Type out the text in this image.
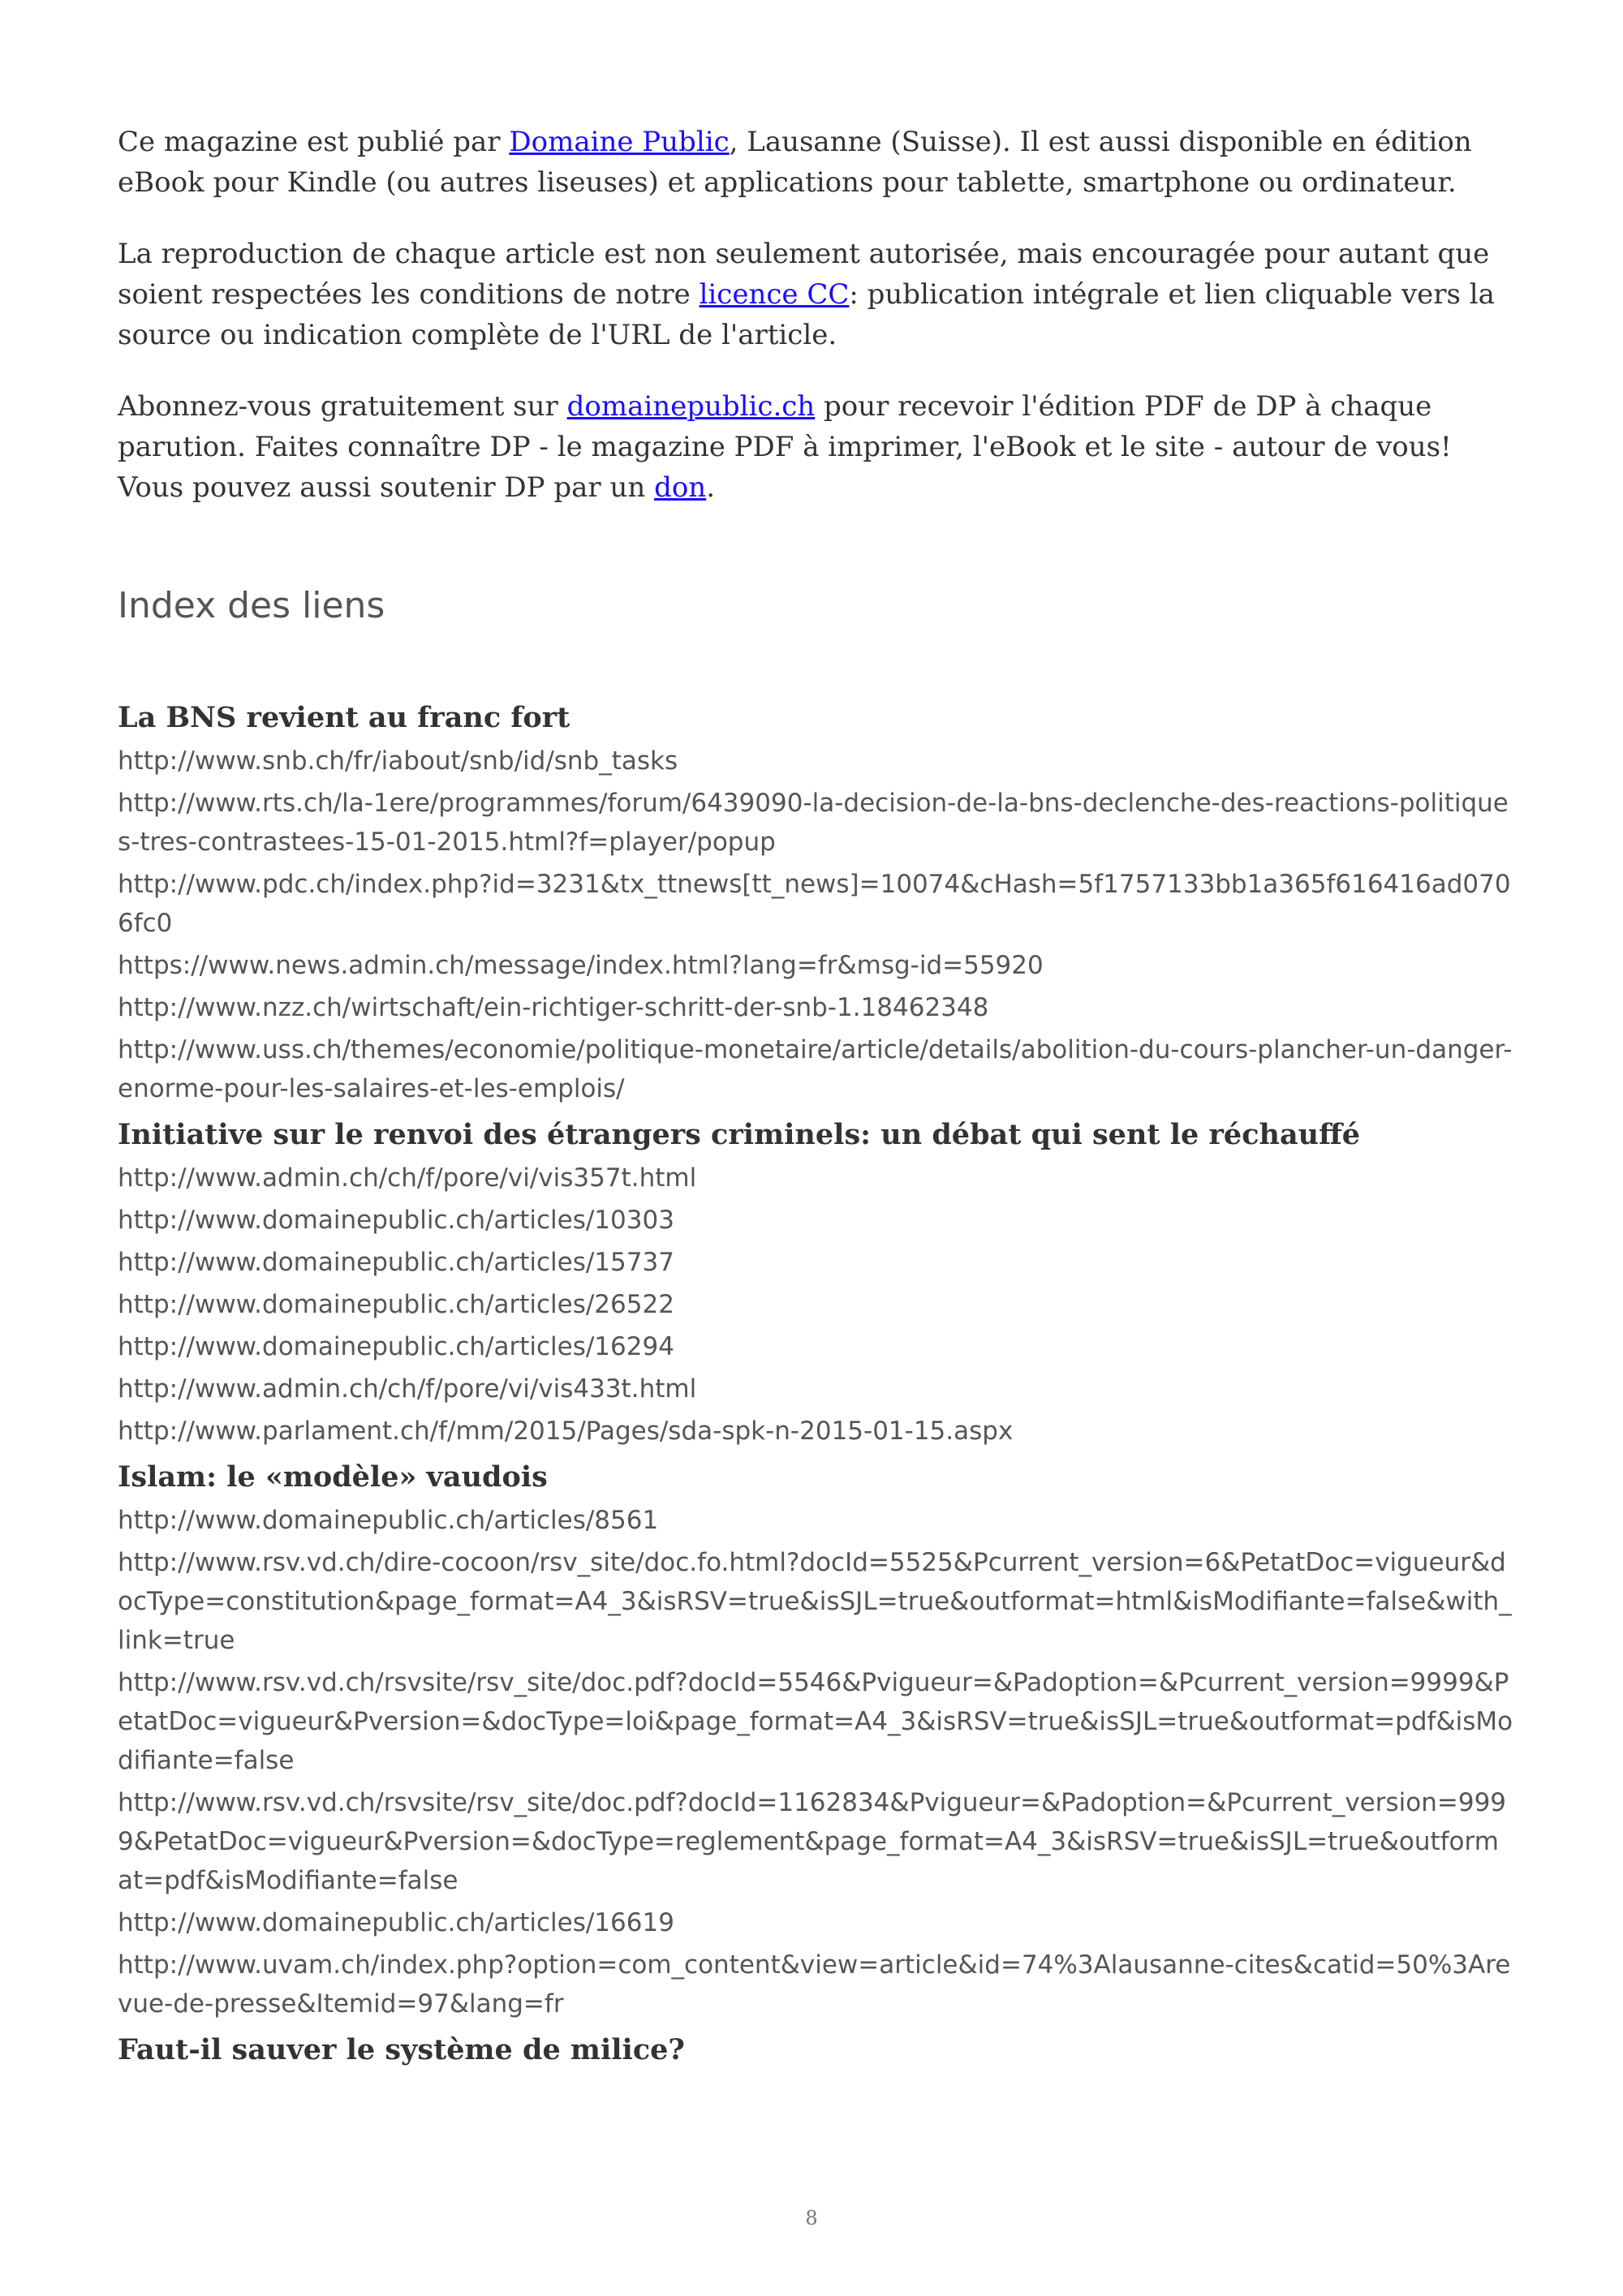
Ce magazine est publié par Domaine Public, Lausanne (Suisse). Il est aussi disponible en édition eBook pour Kindle (ou autres liseuses) et applications pour tablette, smartphone ou ordinateur.

La reproduction de chaque article est non seulement autorisée, mais encouragée pour autant que soient respectées les conditions de notre licence CC: publication intégrale et lien cliquable vers la source ou indication complète de l'URL de l'article.

Abonnez-vous gratuitement sur domainepublic.ch pour recevoir l'édition PDF de DP à chaque parution. Faites connaître DP - le magazine PDF à imprimer, l'eBook et le site - autour de vous! Vous pouvez aussi soutenir DP par un don.

Index des liens
La BNS revient au franc fort
http://www.snb.ch/fr/iabout/snb/id/snb_tasks
http://www.rts.ch/la-1ere/programmes/forum/6439090-la-decision-de-la-bns-declenche-des-reactions-politiques-tres-contrastees-15-01-2015.html?f=player/popup
http://www.pdc.ch/index.php?id=3231&tx_ttnews[tt_news]=10074&cHash=5f1757133bb1a365f616416ad0706fc0
https://www.news.admin.ch/message/index.html?lang=fr&msg-id=55920
http://www.nzz.ch/wirtschaft/ein-richtiger-schritt-der-snb-1.18462348
http://www.uss.ch/themes/economie/politique-monetaire/article/details/abolition-du-cours-plancher-un-danger-enorme-pour-les-salaires-et-les-emplois/
Initiative sur le renvoi des étrangers criminels: un débat qui sent le réchauffé
http://www.admin.ch/ch/f/pore/vi/vis357t.html
http://www.domainepublic.ch/articles/10303
http://www.domainepublic.ch/articles/15737
http://www.domainepublic.ch/articles/26522
http://www.domainepublic.ch/articles/16294
http://www.admin.ch/ch/f/pore/vi/vis433t.html
http://www.parlament.ch/f/mm/2015/Pages/sda-spk-n-2015-01-15.aspx
Islam: le «modèle» vaudois
http://www.domainepublic.ch/articles/8561
http://www.rsv.vd.ch/dire-cocoon/rsv_site/doc.fo.html?docId=5525&Pcurrent_version=6&PetatDoc=vigueur&docType=constitution&page_format=A4_3&isRSV=true&isSJL=true&outformat=html&isModifiante=false&with_link=true
http://www.rsv.vd.ch/rsvsite/rsv_site/doc.pdf?docId=5546&Pvigueur=&Padoption=&Pcurrent_version=9999&PetatDoc=vigueur&Pversion=&docType=loi&page_format=A4_3&isRSV=true&isSJL=true&outformat=pdf&isModifiante=false
http://www.rsv.vd.ch/rsvsite/rsv_site/doc.pdf?docId=1162834&Pvigueur=&Padoption=&Pcurrent_version=9999&PetatDoc=vigueur&Pversion=&docType=reglement&page_format=A4_3&isRSV=true&isSJL=true&outformat=pdf&isModifiante=false
http://www.domainepublic.ch/articles/16619
http://www.uvam.ch/index.php?option=com_content&view=article&id=74%3Alausanne-cites&catid=50%3Arevue-de-presse&Itemid=97&lang=fr
Faut-il sauver le système de milice?
8
